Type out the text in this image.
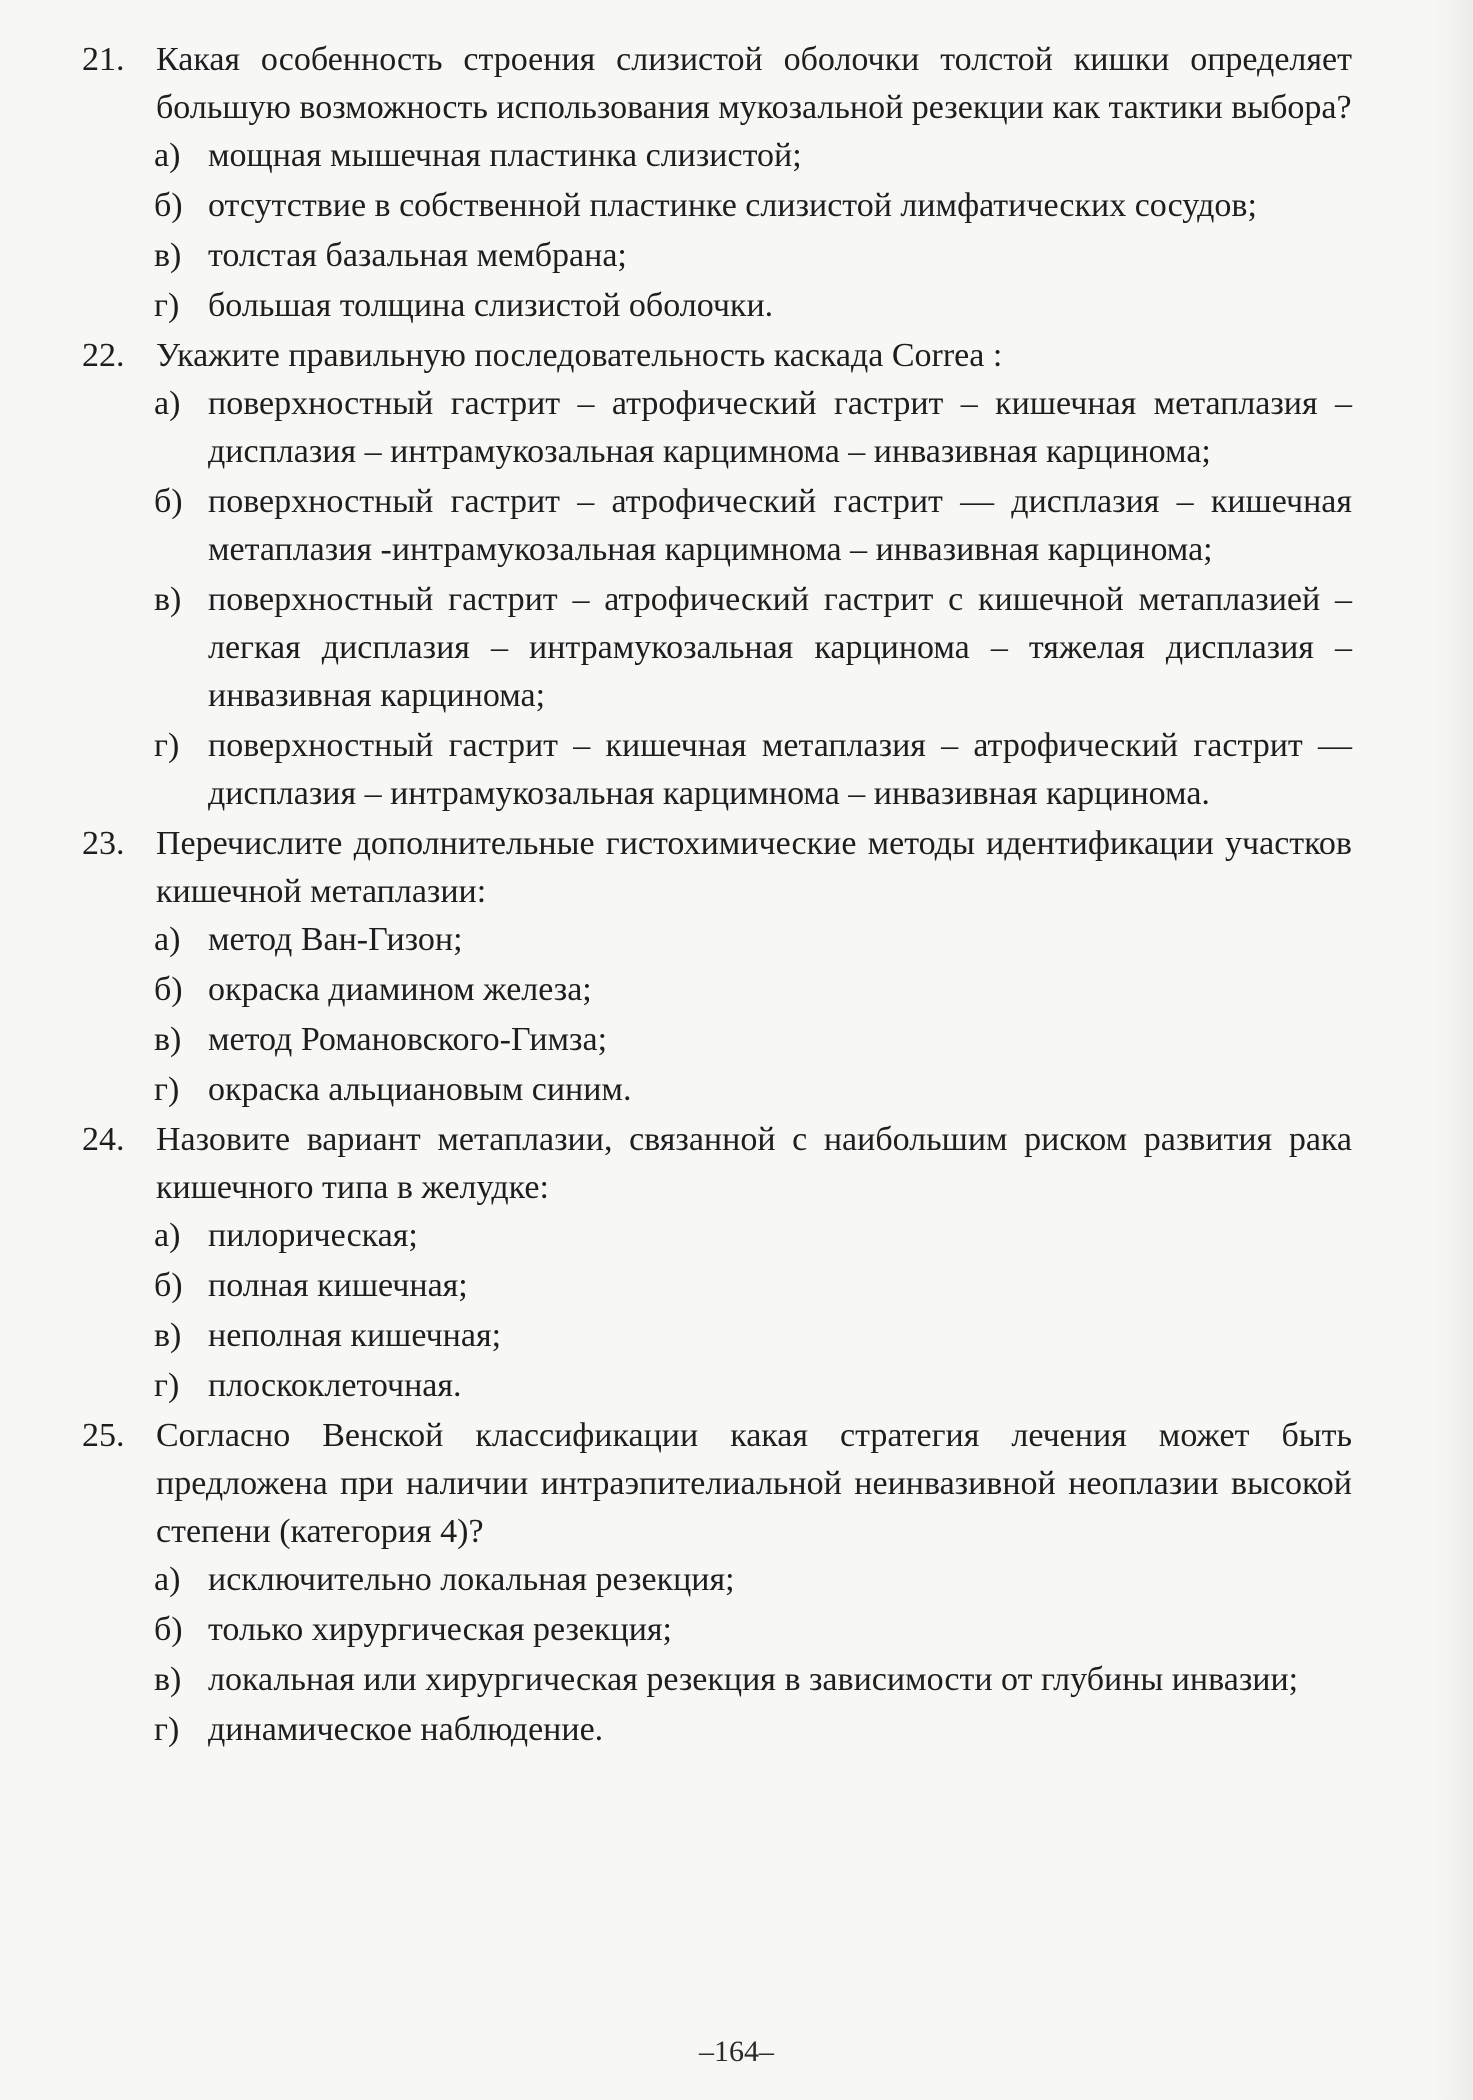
21. Какая особенность строения слизистой оболочки толстой кишки определяет большую возможность использования мукозальной резекции как тактики выбора?
а) мощная мышечная пластинка слизистой;
б) отсутствие в собственной пластинке слизистой лимфатических сосудов;
в) толстая базальная мембрана;
г) большая толщина слизистой оболочки.
22. Укажите правильную последовательность каскада Correa :
а) поверхностный гастрит – атрофический гастрит – кишечная метаплазия – дисплазия – интрамукозальная карцимнома – инвазивная карцинома;
б) поверхностный гастрит – атрофический гастрит — дисплазия – кишечная метаплазия -интрамукозальная карцимнома – инвазивная карцинома;
в) поверхностный гастрит – атрофический гастрит с кишечной метаплазией – легкая дисплазия – интрамукозальная карцинома – тяжелая дисплазия – инвазивная карцинома;
г) поверхностный гастрит – кишечная метаплазия – атрофический гастрит — дисплазия – интрамукозальная карцимнома – инвазивная карцинома.
23. Перечислите дополнительные гистохимические методы идентификации участков кишечной метаплазии:
а) метод Ван-Гизон;
б) окраска диамином железа;
в) метод Романовского-Гимза;
г) окраска альциановым синим.
24. Назовите вариант метаплазии, связанной с наибольшим риском развития рака кишечного типа в желудке:
а) пилорическая;
б) полная кишечная;
в) неполная кишечная;
г) плоскоклеточная.
25. Согласно Венской классификации какая стратегия лечения может быть предложена при наличии интраэпителиальной неинвазивной неоплазии высокой степени (категория 4)?
а) исключительно локальная резекция;
б) только хирургическая резекция;
в) локальная или хирургическая резекция в зависимости от глубины инвазии;
г) динамическое наблюдение.
–164–
